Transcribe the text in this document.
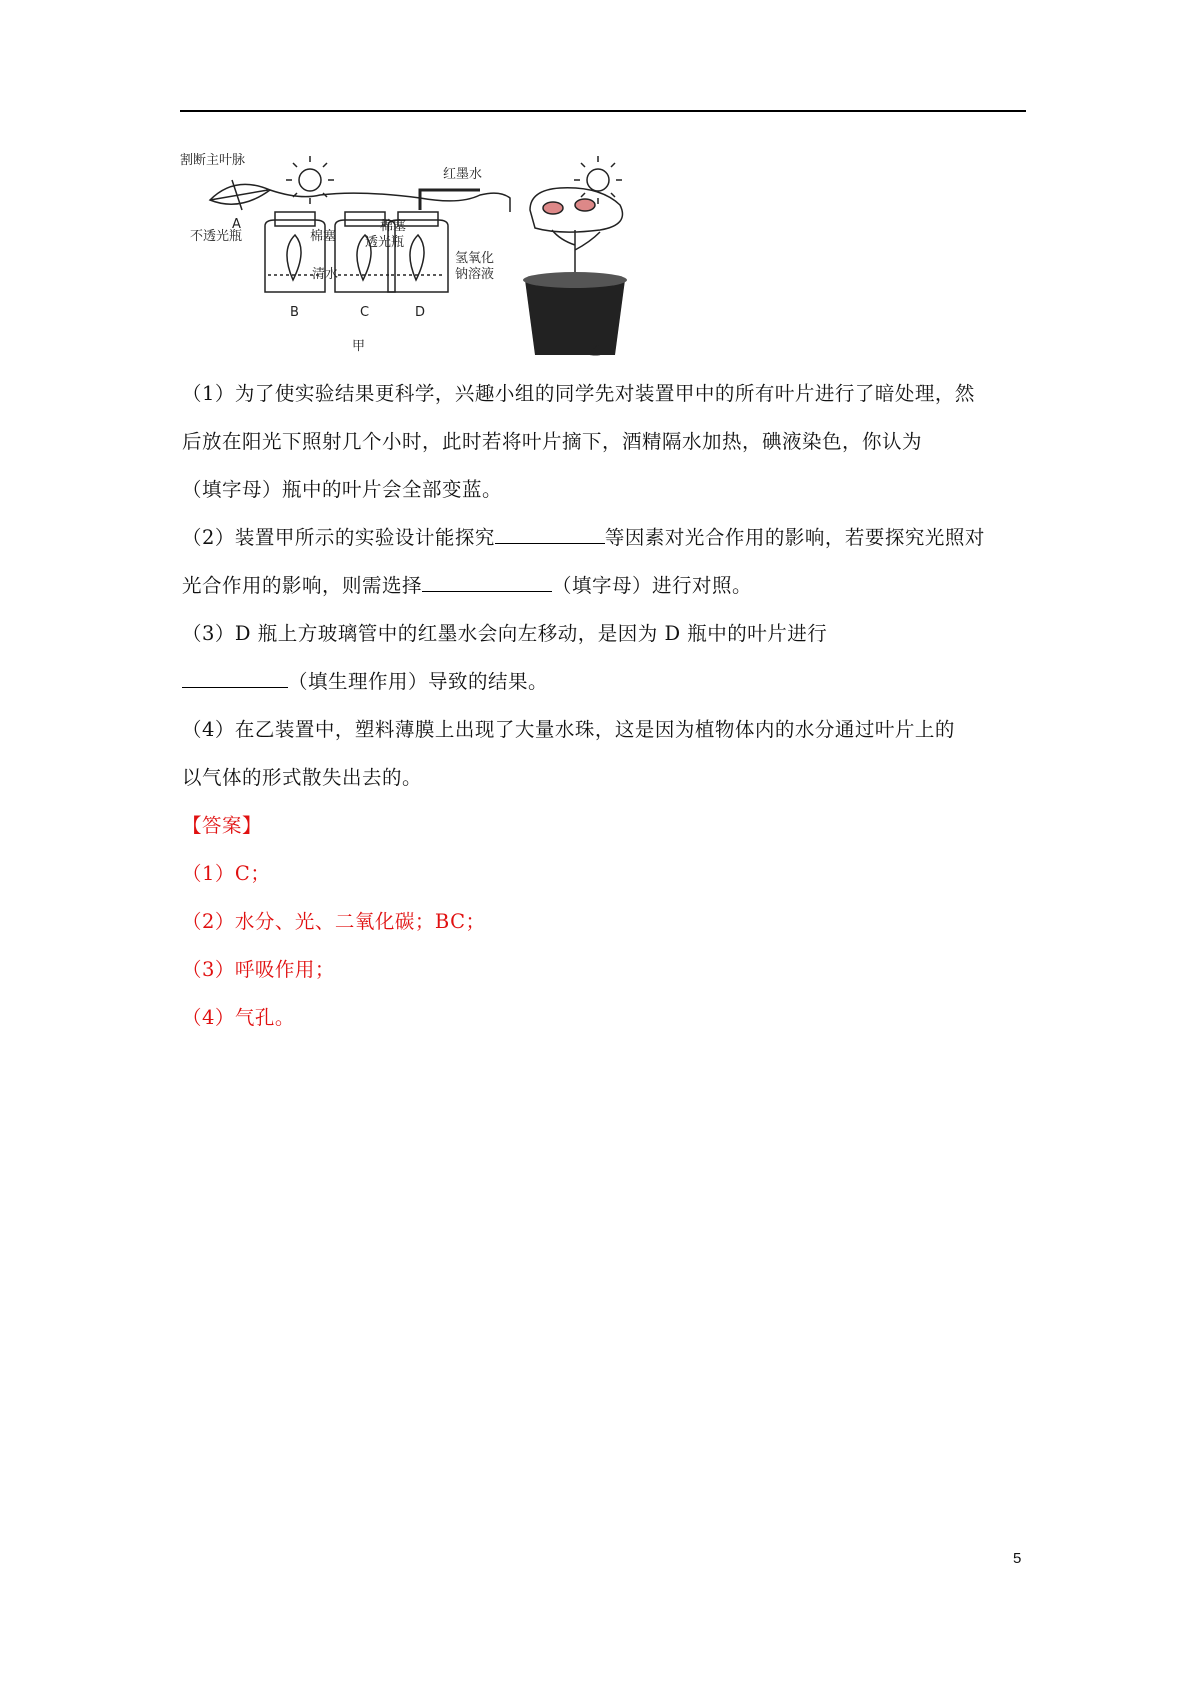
割断主叶脉
A
红墨水
不透光瓶	棉塞
棉塞
透光瓶
清水
氢氧化
钠溶液
B	C	D
甲	乙
（1）为了使实验结果更科学，兴趣小组的同学先对装置甲中的所有叶片进行了暗处理，然
后放在阳光下照射几个小时，此时若将叶片摘下，酒精隔水加热，碘液染色，你认为
（填字母）瓶中的叶片会全部变蓝。
（2）装置甲所示的实验设计能探究	等因素对光合作用的影响，若要探究光照对
光合作用的影响，则需选择	（填字母）进行对照。
（3）D 瓶上方玻璃管中的红墨水会向左移动，是因为 D 瓶中的叶片进行
（填生理作用）导致的结果。
（4）在乙装置中，塑料薄膜上出现了大量水珠，这是因为植物体内的水分通过叶片上的
以气体的形式散失出去的。
【答案】
（1）C；
（2）水分、光、二氧化碳；BC；
（3）呼吸作用；
（4）气孔。
5
